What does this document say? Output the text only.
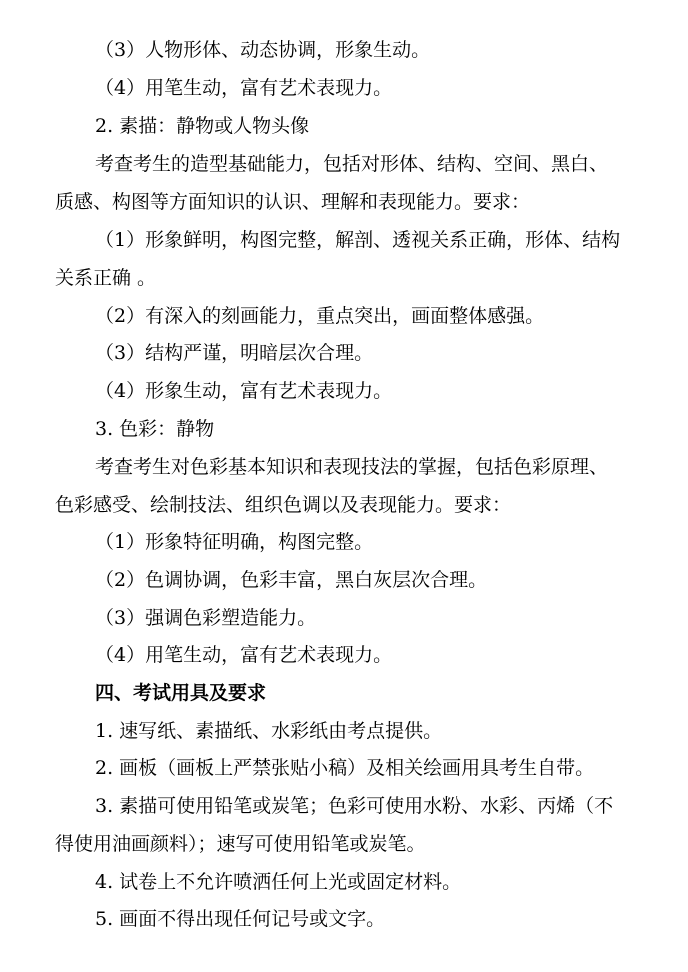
（3）人物形体、动态协调，形象生动。
（4）用笔生动，富有艺术表现力。
2. 素描：静物或人物头像
考查考生的造型基础能力，包括对形体、结构、空间、黑白、
质感、构图等方面知识的认识、理解和表现能力。要求：
（1）形象鲜明，构图完整，解剖、透视关系正确，形体、结构
关系正确 。
（2）有深入的刻画能力，重点突出，画面整体感强。
（3）结构严谨，明暗层次合理。
（4）形象生动，富有艺术表现力。
3. 色彩：静物
考查考生对色彩基本知识和表现技法的掌握，包括色彩原理、
色彩感受、绘制技法、组织色调以及表现能力。要求：
（1）形象特征明确，构图完整。
（2）色调协调，色彩丰富，黑白灰层次合理。
（3）强调色彩塑造能力。
（4）用笔生动，富有艺术表现力。
四、考试用具及要求
1. 速写纸、素描纸、水彩纸由考点提供。
2. 画板（画板上严禁张贴小稿）及相关绘画用具考生自带。
3. 素描可使用铅笔或炭笔；色彩可使用水粉、水彩、丙烯（不
得使用油画颜料）；速写可使用铅笔或炭笔。
4. 试卷上不允许喷洒任何上光或固定材料。
5. 画面不得出现任何记号或文字。
